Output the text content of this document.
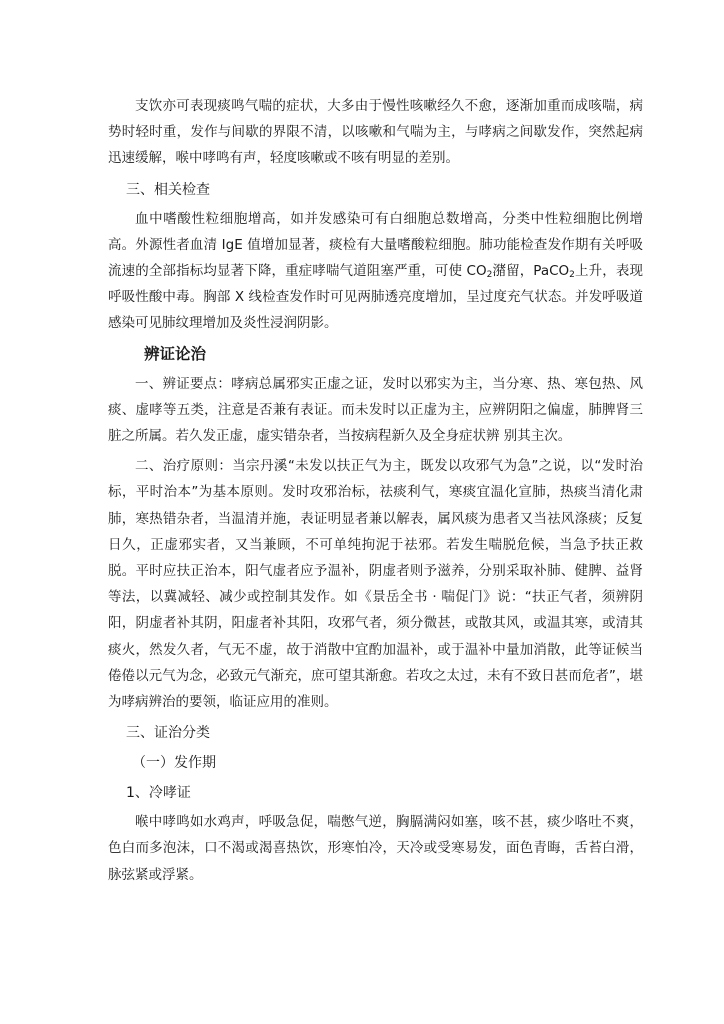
支饮亦可表现痰鸣气喘的症状，大多由于慢性咳嗽经久不愈，逐渐加重而成咳喘，病势时轻时重，发作与间歇的界限不清，以咳嗽和气喘为主，与哮病之间歇发作，突然起病迅速缓解，喉中哮鸣有声，轻度咳嗽或不咳有明显的差别。

三、相关检查

血中嗜酸性粒细胞增高，如并发感染可有白细胞总数增高，分类中性粒细胞比例增高。外源性者血清 IgE 值增加显著，痰检有大量嗜酸粒细胞。肺功能检查发作期有关呼吸流速的全部指标均显著下降，重症哮喘气道阻塞严重，可使 $CO_2$潴留，PaCO$_2$上升，表现呼吸性酸中毒。胸部 X 线检查发作时可见两肺透亮度增加，呈过度充气状态。并发呼吸道感染可见肺纹理增加及炎性浸润阴影。

辨证论治

一、辨证要点：哮病总属邪实正虚之证，发时以邪实为主，当分寒、热、寒包热、风痰、虚哮等五类，注意是否兼有表证。而未发时以正虚为主，应辨阴阳之偏虚，肺脾肾三脏之所属。若久发正虚，虚实错杂者，当按病程新久及全身症状辨 别其主次。

二、治疗原则：当宗丹溪“未发以扶正气为主，既发以攻邪气为急”之说，以“发时治标，平时治本”为基本原则。发时攻邪治标，祛痰利气，寒痰宜温化宣肺，热痰当清化肃肺，寒热错杂者，当温清并施，表证明显者兼以解表，属风痰为患者又当祛风涤痰；反复日久，正虚邪实者，又当兼顾，不可单纯拘泥于祛邪。若发生喘脱危候，当急予扶正救脱。平时应扶正治本，阳气虚者应予温补，阴虚者则予滋养，分别采取补肺、健脾、益肾等法，以冀减轻、减少或控制其发作。如《景岳全书 · 喘促门》说：“扶正气者，须辨阴阳，阴虚者补其阴，阳虚者补其阳，攻邪气者，须分微甚，或散其风，或温其寒，或清其痰火，然发久者，气无不虚，故于消散中宜酌加温补，或于温补中量加消散，此等证候当倦倦以元气为念，必致元气渐充，庶可望其渐愈。若攻之太过，未有不致日甚而危者”，堪为哮病辨治的要领，临证应用的准则。

三、证治分类

（一）发作期

1、冷哮证

喉中哮鸣如水鸡声，呼吸急促，喘憋气逆，胸膈满闷如塞，咳不甚，痰少咯吐不爽，色白而多泡沫，口不渴或渴喜热饮，形寒怕冷，天冷或受寒易发，面色青晦，舌苔白滑，脉弦紧或浮紧。
